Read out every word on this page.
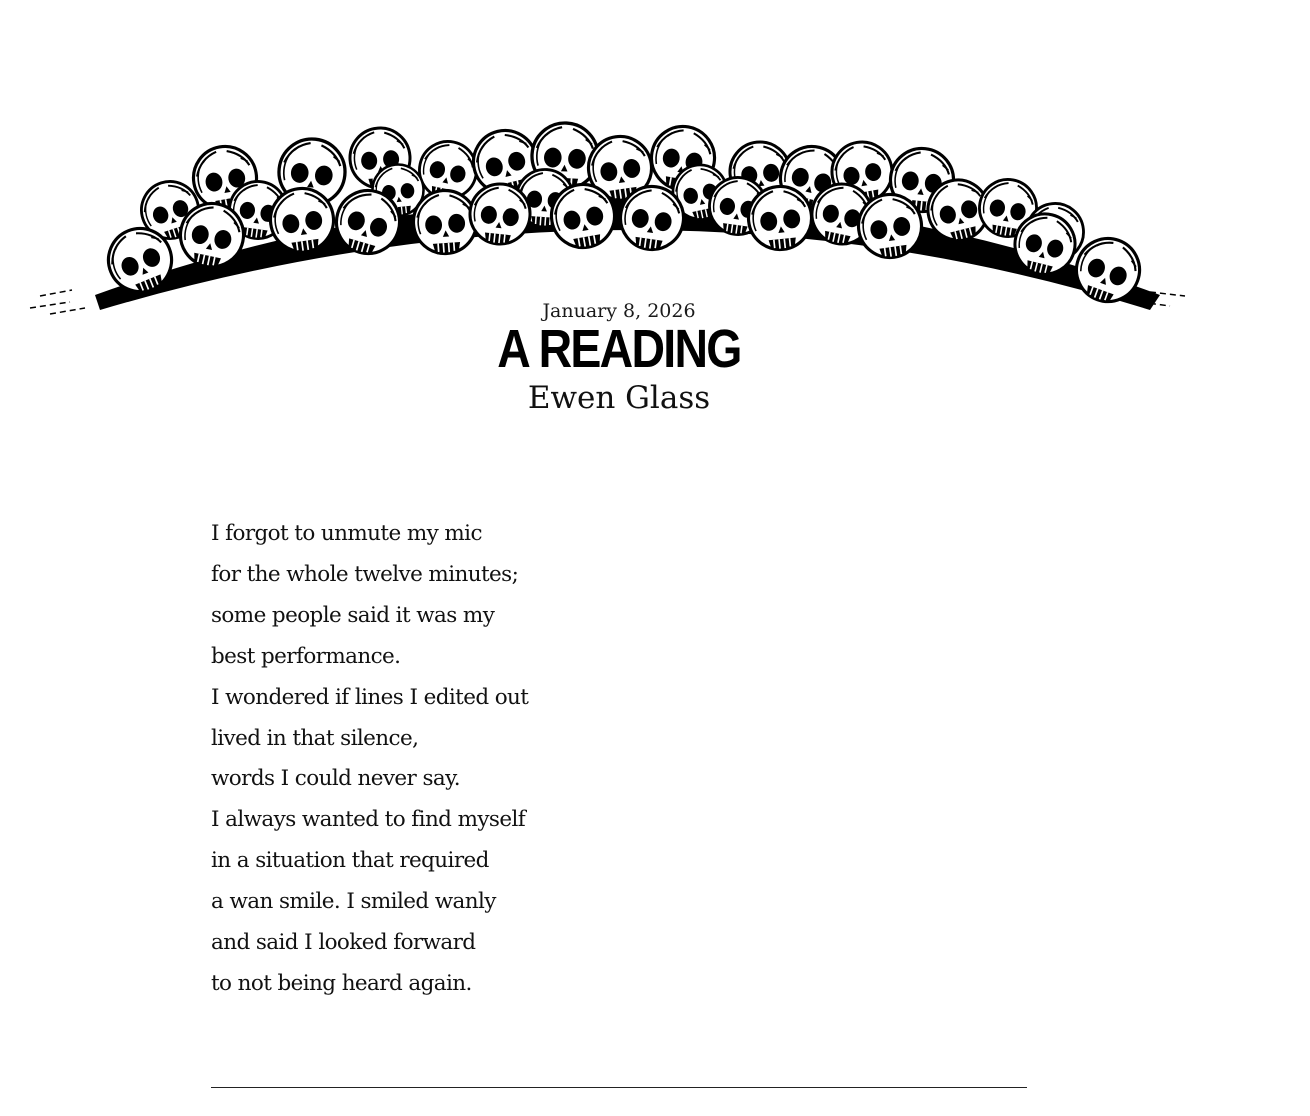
January 8, 2026
A READING
Ewen Glass
I forgot to unmute my mic
for the whole twelve minutes;
some people said it was my
best performance.
I wondered if lines I edited out
lived in that silence,
words I could never say.
I always wanted to find myself
in a situation that required
a wan smile. I smiled wanly
and said I looked forward
to not being heard again.
